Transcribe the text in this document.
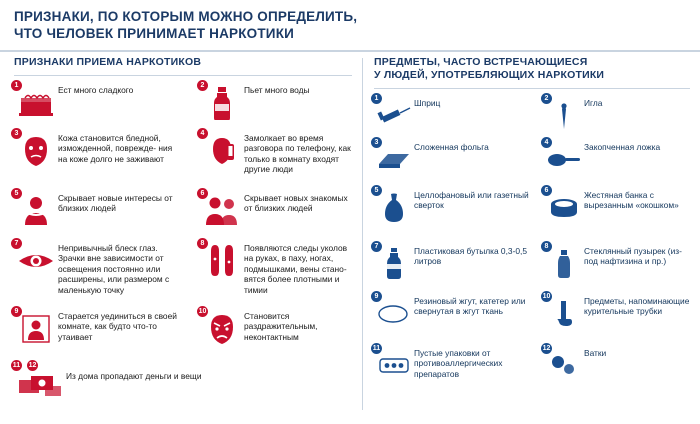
ПРИЗНАКИ, ПО КОТОРЫМ МОЖНО ОПРЕДЕЛИТЬ,
ЧТО ЧЕЛОВЕК ПРИНИМАЕТ НАРКОТИКИ
ПРИЗНАКИ ПРИЕМА НАРКОТИКОВ
1	Ест много сладкого	2	Пьет много воды
3	Кожа становится бледной, изможденной, поврежде- ния на коже долго не заживают
4	Замолкает во время разговора по телефону, как только в комнату входят другие люди
5	Скрывает новые интересы от близких людей
6	Скрывает новых знакомых от близких людей
7	Непривычный блеск глаз. Зрачки вне зависимости от освещения постоянно или расширены, или размером с маленькую точку
8	Появляются следы уколов на руках, в паху, ногах, подмышками, вены стано- вятся более плотными и тимии
9	Старается уединиться в своей комнате, как будто что-то утаивает
10	Становится раздражительным, неконтактным
11 12
Из дома пропадают деньги и вещи
ПРЕДМЕТЫ, ЧАСТО ВСТРЕЧАЮЩИЕСЯ
У ЛЮДЕЙ, УПОТРЕБЛЯЮЩИХ НАРКОТИКИ
1	Шприц	2	Игла
3	Сложенная фольга	4	Закопченная ложка
5	Целлофановый или газетный сверток
6	Жестяная банка с вырезанным «окошком»
7	Пластиковая бутылка 0,3-0,5 литров
8	Стеклянный пузырек (из-под нафтизина и пр.)
9	Резиновый жгут, катетер или свернутая в жгут ткань
10	Предметы, напоминающие курительные трубки
11	Пустые упаковки от противоаллергических препаратов
12	Ватки
